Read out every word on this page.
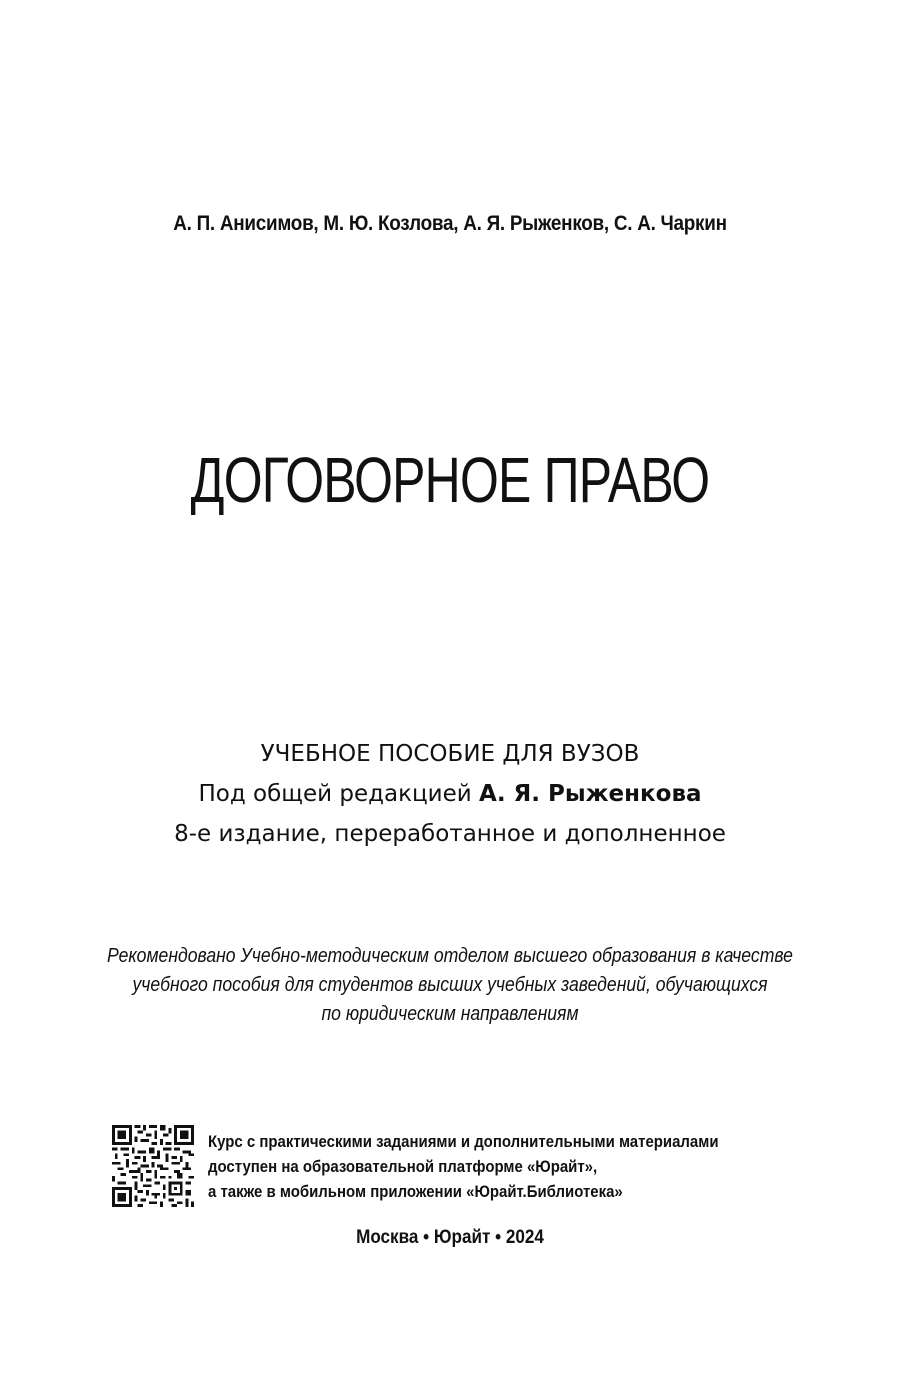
А. П. Анисимов, М. Ю. Козлова, А. Я. Рыженков, С. А. Чаркин
ДОГОВОРНОЕ ПРАВО
УЧЕБНОЕ ПОСОБИЕ ДЛЯ ВУЗОВ
Под общей редакцией А. Я. Рыженкова
8-е издание, переработанное и дополненное
Рекомендовано Учебно-методическим отделом высшего образования в качестве
учебного пособия для студентов высших учебных заведений, обучающихся
по юридическим направлениям
Курс с практическими заданиями и дополнительными материалами
доступен на образовательной платформе «Юрайт»,
а также в мобильном приложении «Юрайт.Библиотека»
Москва • Юрайт • 2024
